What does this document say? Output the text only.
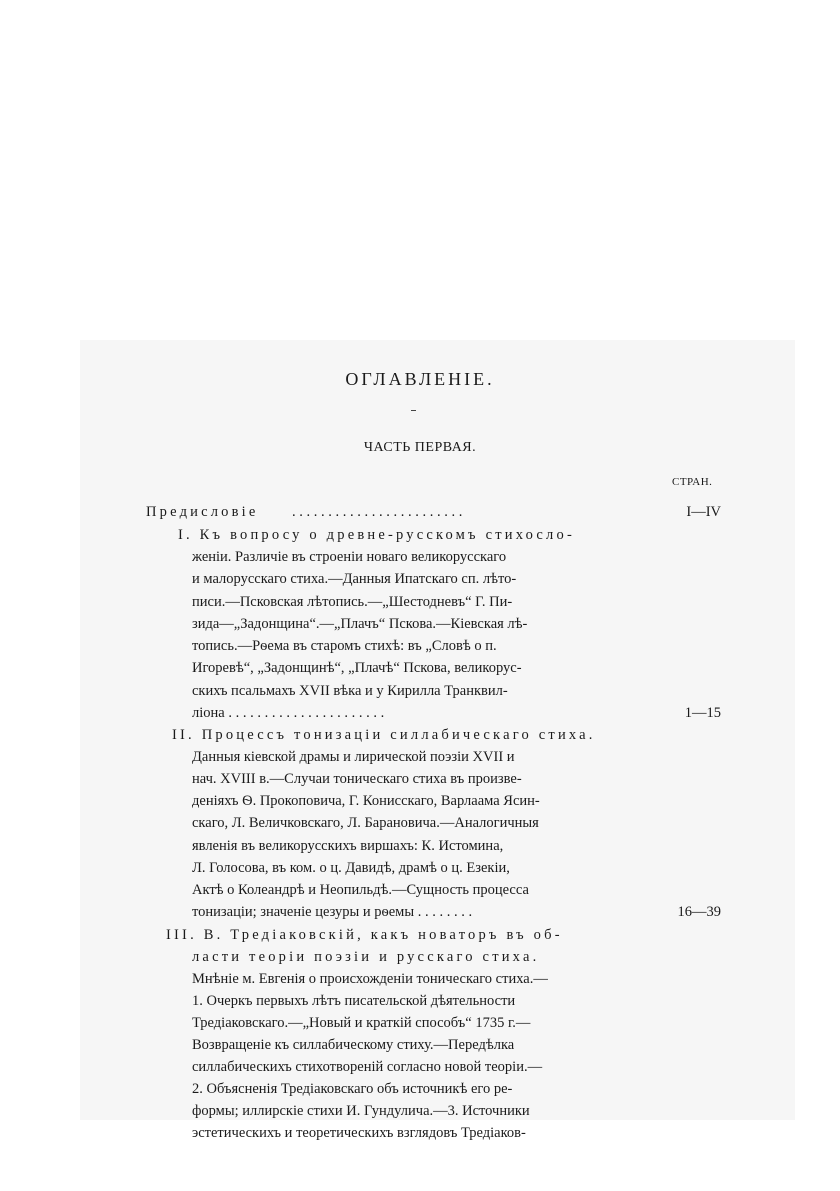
ОГЛАВЛЕНIЕ.
ЧАСТЬ ПЕРВАЯ.
СТРАН.
Предисловіе . . . . . . . . . . . . . . . . . . . . . . . .	I—IV
I. Къ вопросу о древне-русскомъ стихосло-
женіи. Различіе въ строеніи новаго великорусскаго
и малорусскаго стиха.—Данныя Ипатскаго сп. лѣто-
пиcи.—Псковская лѣтопись.—„Шестодневъ“ Г. Пи-
зида—„Задонщина“.—„Плачъ“ Пскова.—Кіевская лѣ-
топись.—Рѳема въ старомъ стихѣ: въ „Словѣ о п.
Игоревѣ“, „Задонщинѣ“, „Плачѣ“ Пскова, великорус-
скихъ псальмахъ XVII вѣка и у Кирилла Транквил-
ліона . . . . . . . . . . . . . . . . . . . . . .	1—15
II. Процессъ тонизаціи силлабическаго стиха.
Данныя кіевской драмы и лирической поэзіи XVII и
нач. XVIII в.—Случаи тоническаго стиха въ произве-
деніяхъ Ѳ. Прокоповича, Г. Конисскаго, Варлаама Ясин-
скаго, Л. Величковскаго, Л. Барановича.—Аналогичныя
явленія въ великорусскихъ виршахъ: К. Истомина,
Л. Голосова, въ ком. о ц. Давидѣ, драмѣ о ц. Езекіи,
Актѣ о Колеандрѣ и Неопильдѣ.—Сущность процесса
тонизаціи; значеніе цезуры и рѳемы . . . . . . . .	16—39
III. В. Тредіаковскій, какъ новаторъ въ об-
ласти теоріи поэзіи и русскаго стиха.
Мнѣніе м. Евгенія о происхожденіи тоническаго стиха.—
1. Очеркъ первыхъ лѣтъ писательской дѣятельности
Тредіаковскаго.—„Новый и краткій способъ“ 1735 г.—
Возвращеніе къ силлабическому стиху.—Передѣлка
силлабическихъ стихотвореній согласно новой теоріи.—
2. Объясненія Тредіаковскаго объ источникѣ его ре-
формы; иллирскіе стихи И. Гундулича.—3. Источники
эстетическихъ и теоретическихъ взглядовъ Тредіаков-
